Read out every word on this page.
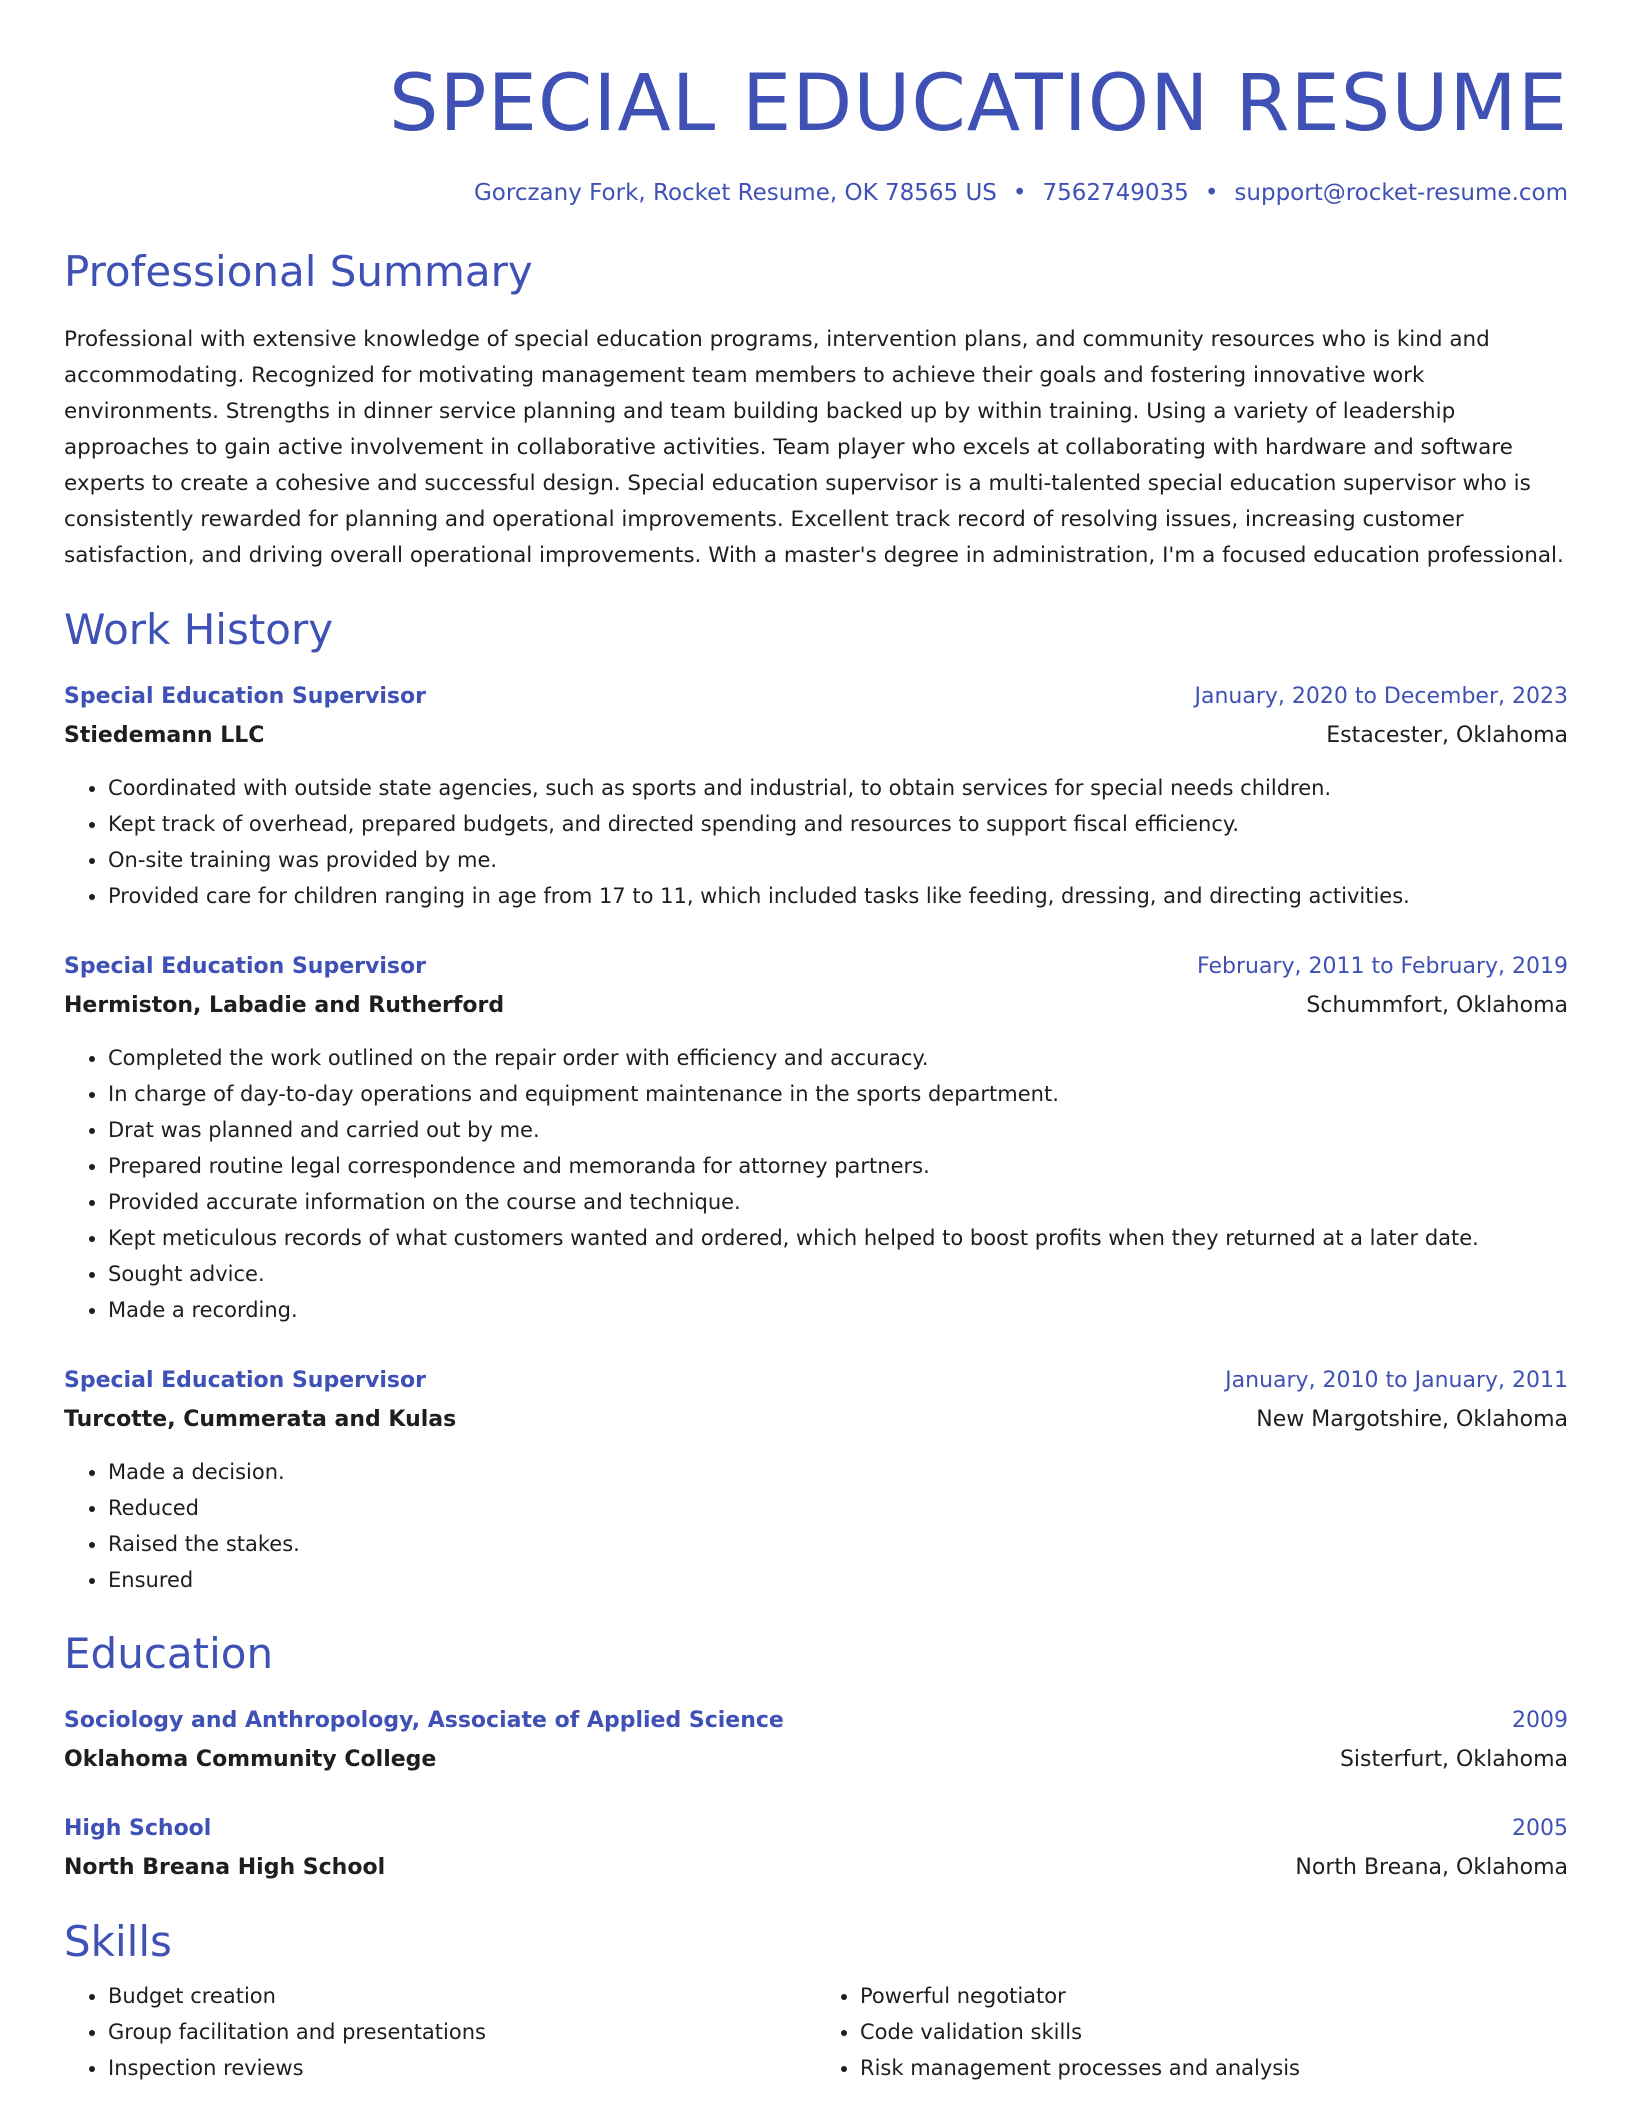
SPECIAL EDUCATION RESUME
Gorczany Fork, Rocket Resume, OK 78565 US • 7562749035 • support@rocket-resume.com
Professional Summary

Professional with extensive knowledge of special education programs, intervention plans, and community resources who is kind and accommodating. Recognized for motivating management team members to achieve their goals and fostering innovative work environments. Strengths in dinner service planning and team building backed up by within training. Using a variety of leadership approaches to gain active involvement in collaborative activities. Team player who excels at collaborating with hardware and software experts to create a cohesive and successful design. Special education supervisor is a multi-talented special education supervisor who is consistently rewarded for planning and operational improvements. Excellent track record of resolving issues, increasing customer satisfaction, and driving overall operational improvements. With a master's degree in administration, I'm a focused education professional.

Work History
Special Education Supervisor	January, 2020 to December, 2023
Stiedemann LLC	Estacester, Oklahoma
• Coordinated with outside state agencies, such as sports and industrial, to obtain services for special needs children.
• Kept track of overhead, prepared budgets, and directed spending and resources to support fiscal efficiency.
• On-site training was provided by me.
• Provided care for children ranging in age from 17 to 11, which included tasks like feeding, dressing, and directing activities.
Special Education Supervisor	February, 2011 to February, 2019
Hermiston, Labadie and Rutherford	Schummfort, Oklahoma
• Completed the work outlined on the repair order with efficiency and accuracy.
• In charge of day-to-day operations and equipment maintenance in the sports department.
• Drat was planned and carried out by me.
• Prepared routine legal correspondence and memoranda for attorney partners.
• Provided accurate information on the course and technique.
• Kept meticulous records of what customers wanted and ordered, which helped to boost profits when they returned at a later date.
• Sought advice.
• Made a recording.
Special Education Supervisor	January, 2010 to January, 2011
Turcotte, Cummerata and Kulas	New Margotshire, Oklahoma
• Made a decision.
• Reduced
• Raised the stakes.
• Ensured
Education
Sociology and Anthropology, Associate of Applied Science	2009
Oklahoma Community College	Sisterfurt, Oklahoma
High School	2005
North Breana High School	North Breana, Oklahoma
Skills
• Budget creation
• Group facilitation and presentations
• Inspection reviews
• Powerful negotiator
• Code validation skills
• Risk management processes and analysis
